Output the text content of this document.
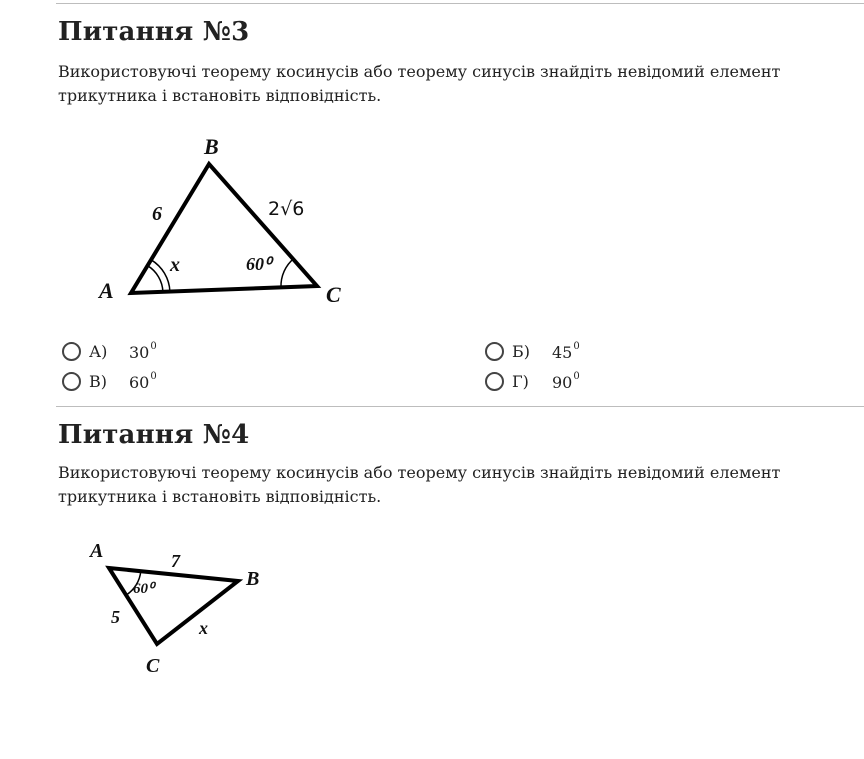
Питання №3

Використовуючі теорему косинусів або теорему синусів знайдіть невідомий елемент трикутника і встановіть відповідність.

B
A	C
6	2√6
x	60⁰
А)	$30^0$	Б)	$45^0$
В)	$60^0$	Г)	$90^0$
Питання №4

Використовуючі теорему косинусів або теорему синусів знайдіть невідомий елемент трикутника і встановіть відповідність.

A
B
C
7
5
x
60⁰
